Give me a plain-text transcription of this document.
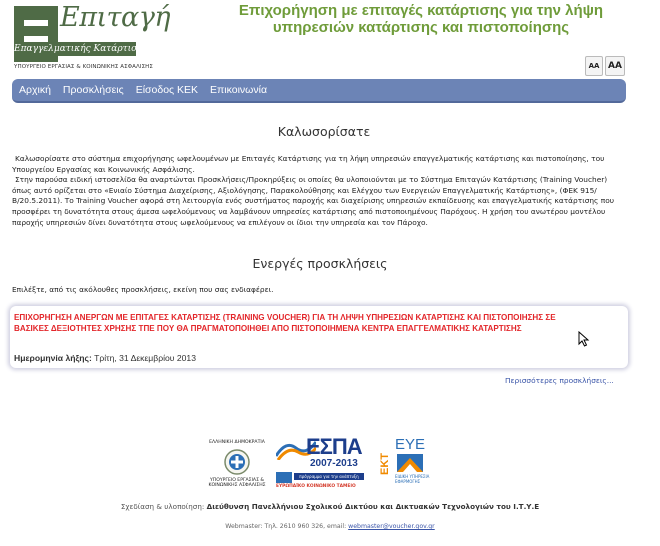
Επιταγή
Επαγγελματικής Κατάρτισης
ΥΠΟΥΡΓΕΙΟ ΕΡΓΑΣΙΑΣ & ΚΟΙΝΩΝΙΚΗΣ ΑΣΦΑΛΙΣΗΣ
Επιχορήγηση με επιταγές κατάρτισης για την λήψη
υπηρεσιών κατάρτισης και πιστοποίησης
AA AA
Αρχική	Προσκλήσεις	Είσοδος ΚΕΚ	Επικοινωνία
Καλωσορίσατε

Καλωσορίσατε στο σύστημα επιχορήγησης ωφελουμένων με Επιταγές Κατάρτισης για τη λήψη υπηρεσιών επαγγελματικής κατάρτισης και πιστοποίησης, του Υπουργείου Εργασίας και Κοινωνικής Ασφάλισης.

Στην παρούσα ειδική ιστοσελίδα θα αναρτώνται Προσκλήσεις/Προκηρύξεις οι οποίες θα υλοποιούνται με το Σύστημα Επιταγών Κατάρτισης (Training Voucher) όπως αυτό ορίζεται στο «Ενιαίο Σύστημα Διαχείρισης, Αξιολόγησης, Παρακολούθησης και Ελέγχου των Ενεργειών Επαγγελματικής Κατάρτισης», (ΦΕΚ 915/Β/20.5.2011). Το Training Voucher αφορά στη λειτουργία ενός συστήματος παροχής και διαχείρισης υπηρεσιών εκπαίδευσης και επαγγελματικής κατάρτισης που προσφέρει τη δυνατότητα στους άμεσα ωφελούμενους να λαμβάνουν υπηρεσίες κατάρτισης από πιστοποιημένους Παρόχους. Η χρήση του ανωτέρου μοντέλου παροχής υπηρεσιών δίνει δυνατότητα στους ωφελούμενους να επιλέγουν οι ίδιοι την υπηρεσία και τον Πάροχο.

Ενεργές προσκλήσεις
Επιλέξτε, από τις ακόλουθες προσκλήσεις, εκείνη που σας ενδιαφέρει.
ΕΠΙΧΟΡΗΓΗΣΗ ΑΝΕΡΓΩΝ ΜΕ ΕΠΙΤΑΓΕΣ ΚΑΤΑΡΤΙΣΗΣ (TRAINING VOUCHER) ΓΙΑ ΤΗ ΛΗΨΗ ΥΠΗΡΕΣΙΩΝ ΚΑΤΑΡΤΙΣΗΣ ΚΑΙ ΠΙΣΤΟΠΟΙΗΣΗΣ ΣΕ ΒΑΣΙΚΕΣ ΔΕΞΙΟΤΗΤΕΣ ΧΡΗΣΗΣ ΤΠΕ ΠΟΥ ΘΑ ΠΡΑΓΜΑΤΟΠΟΙΗΘΕΙ ΑΠΟ ΠΙΣΤΟΠΟΙΗΜΕΝΑ ΚΕΝΤΡΑ ΕΠΑΓΓΕΛΜΑΤΙΚΗΣ ΚΑΤΑΡΤΙΣΗΣ
Ημερομηνία λήξης: Τρίτη, 31 Δεκεμβρίου 2013
Περισσότερες προσκλήσεις...
ΕΛΛΗΝΙΚΗ ΔΗΜΟΚΡΑΤΙΑ
ΥΠΟΥΡΓΕΙΟ ΕΡΓΑΣΙΑΣ & ΚΟΙΝΩΝΙΚΗΣ ΑΣΦΑΛΙΣΗΣ
ΕΣΠΑ
2007-2013
πρόγραμμα για την ανάπτυξη
ΕΥΡΩΠΑΪΚΟ ΚΟΙΝΩΝΙΚΟ ΤΑΜΕΙΟ
ΕΚΤ
ΕΥΕ
ΕΙΔΙΚΗ ΥΠΗΡΕΣΙΑ ΕΦΑΡΜΟΓΗΣ
Σχεδίαση & υλοποίηση: Διεύθυνση Πανελλήνιου Σχολικού Δικτύου και Δικτυακών Τεχνολογιών του Ι.Τ.Υ.Ε
Webmaster: Τηλ. 2610 960 326, email: webmaster@voucher.gov.gr
